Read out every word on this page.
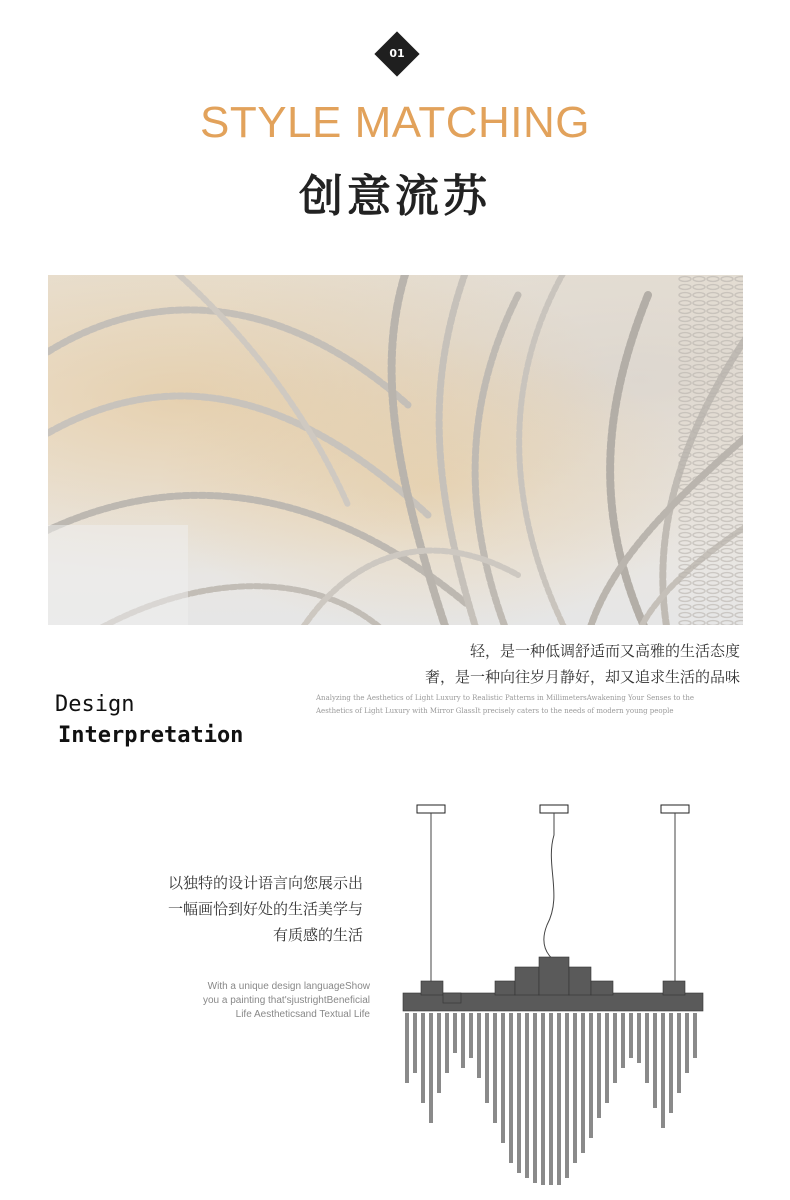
01
STYLE MATCHING
创意流苏
轻，是一种低调舒适而又高雅的生活态度
奢，是一种向往岁月静好，却又追求生活的品味
Analyzing the Aesthetics of Light Luxury to Realistic Patterns in MillimetersAwakening Your Senses to the
Aesthetics of Light Luxury with Mirror GlassIt precisely caters to the needs of modern young people
Design
Interpretation
以独特的设计语言向您展示出
一幅画恰到好处的生活美学与
有质感的生活
With a unique design languageShow
you a painting that'sjustrightBeneficial
Life Aestheticsand Textual Life
